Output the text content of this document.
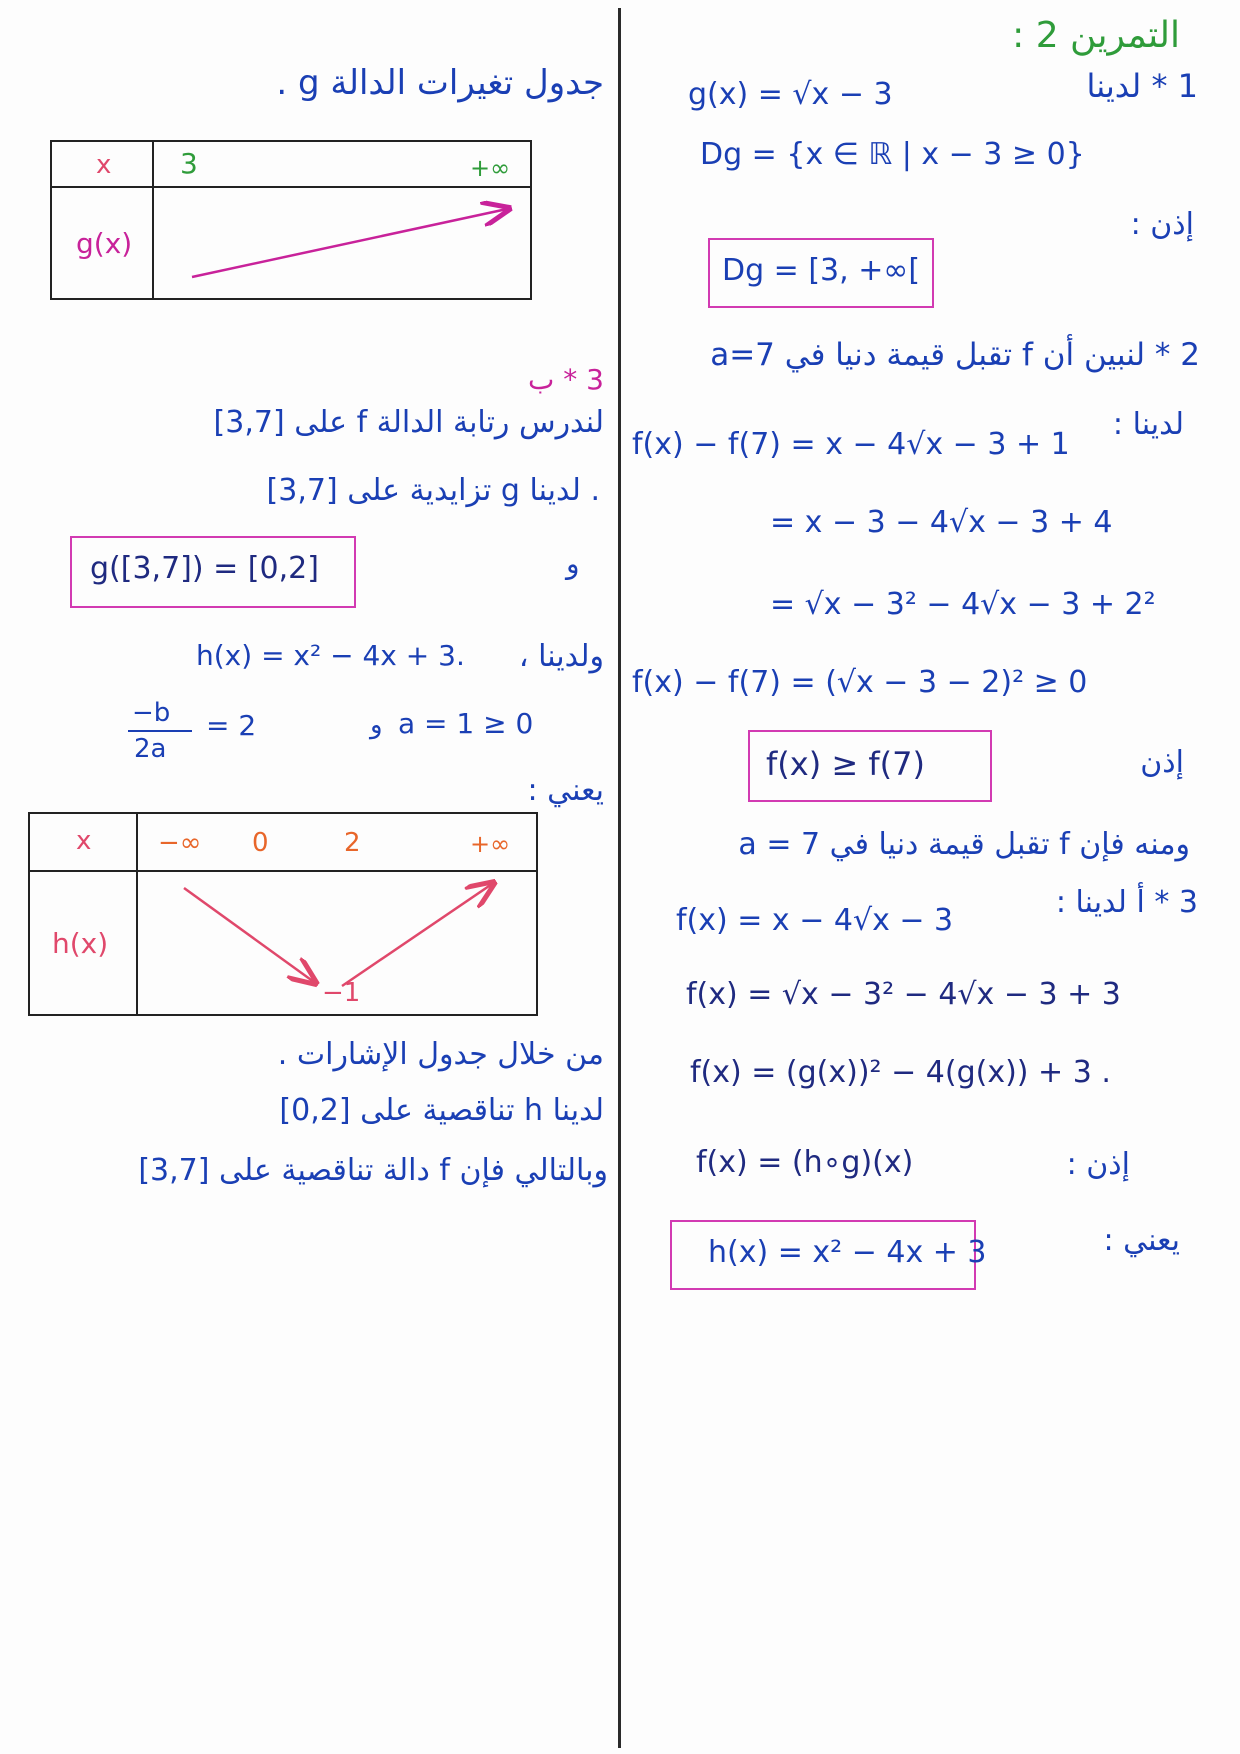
التمرين 2 :
1 * لدينا
g(x) = √x − 3
Dg = {x ∈ ℝ | x − 3 ≥ 0}
إذن :
Dg = [3, +∞[
2 * لنبين أن f تقبل قيمة دنيا في a=7
لدينا :
f(x) − f(7) = x − 4√x − 3 + 1
= x − 3 − 4√x − 3 + 4
= √x − 3² − 4√x − 3 + 2²
f(x) − f(7) = (√x − 3 − 2)² ≥ 0
إذن
f(x) ≥ f(7)
ومنه فإن f تقبل قيمة دنيا في a = 7
3 * أ لدينا :
f(x) = x − 4√x − 3
f(x) = √x − 3² − 4√x − 3 + 3
f(x) = (g(x))² − 4(g(x)) + 3 .
إذن :
f(x) = (h∘g)(x)
يعني :
h(x) = x² − 4x + 3
جدول تغيرات الدالة g .
x 3	+∞
g(x)
3 * ب
لندرس رتابة الدالة f على [3,7]
. لدينا g تزايدية على [3,7]
و
g([3,7]) = [0,2]
ولدينا ،
h(x) = x² − 4x + 3.
−b
2a
= 2	a = 1 ≥ 0
و
يعني :
x	−∞ 0	2	+∞
h(x)
−1
من خلال جدول الإشارات .
لدينا h تناقصية على [0,2]
وبالتالي فإن f دالة تناقصية على [3,7]
